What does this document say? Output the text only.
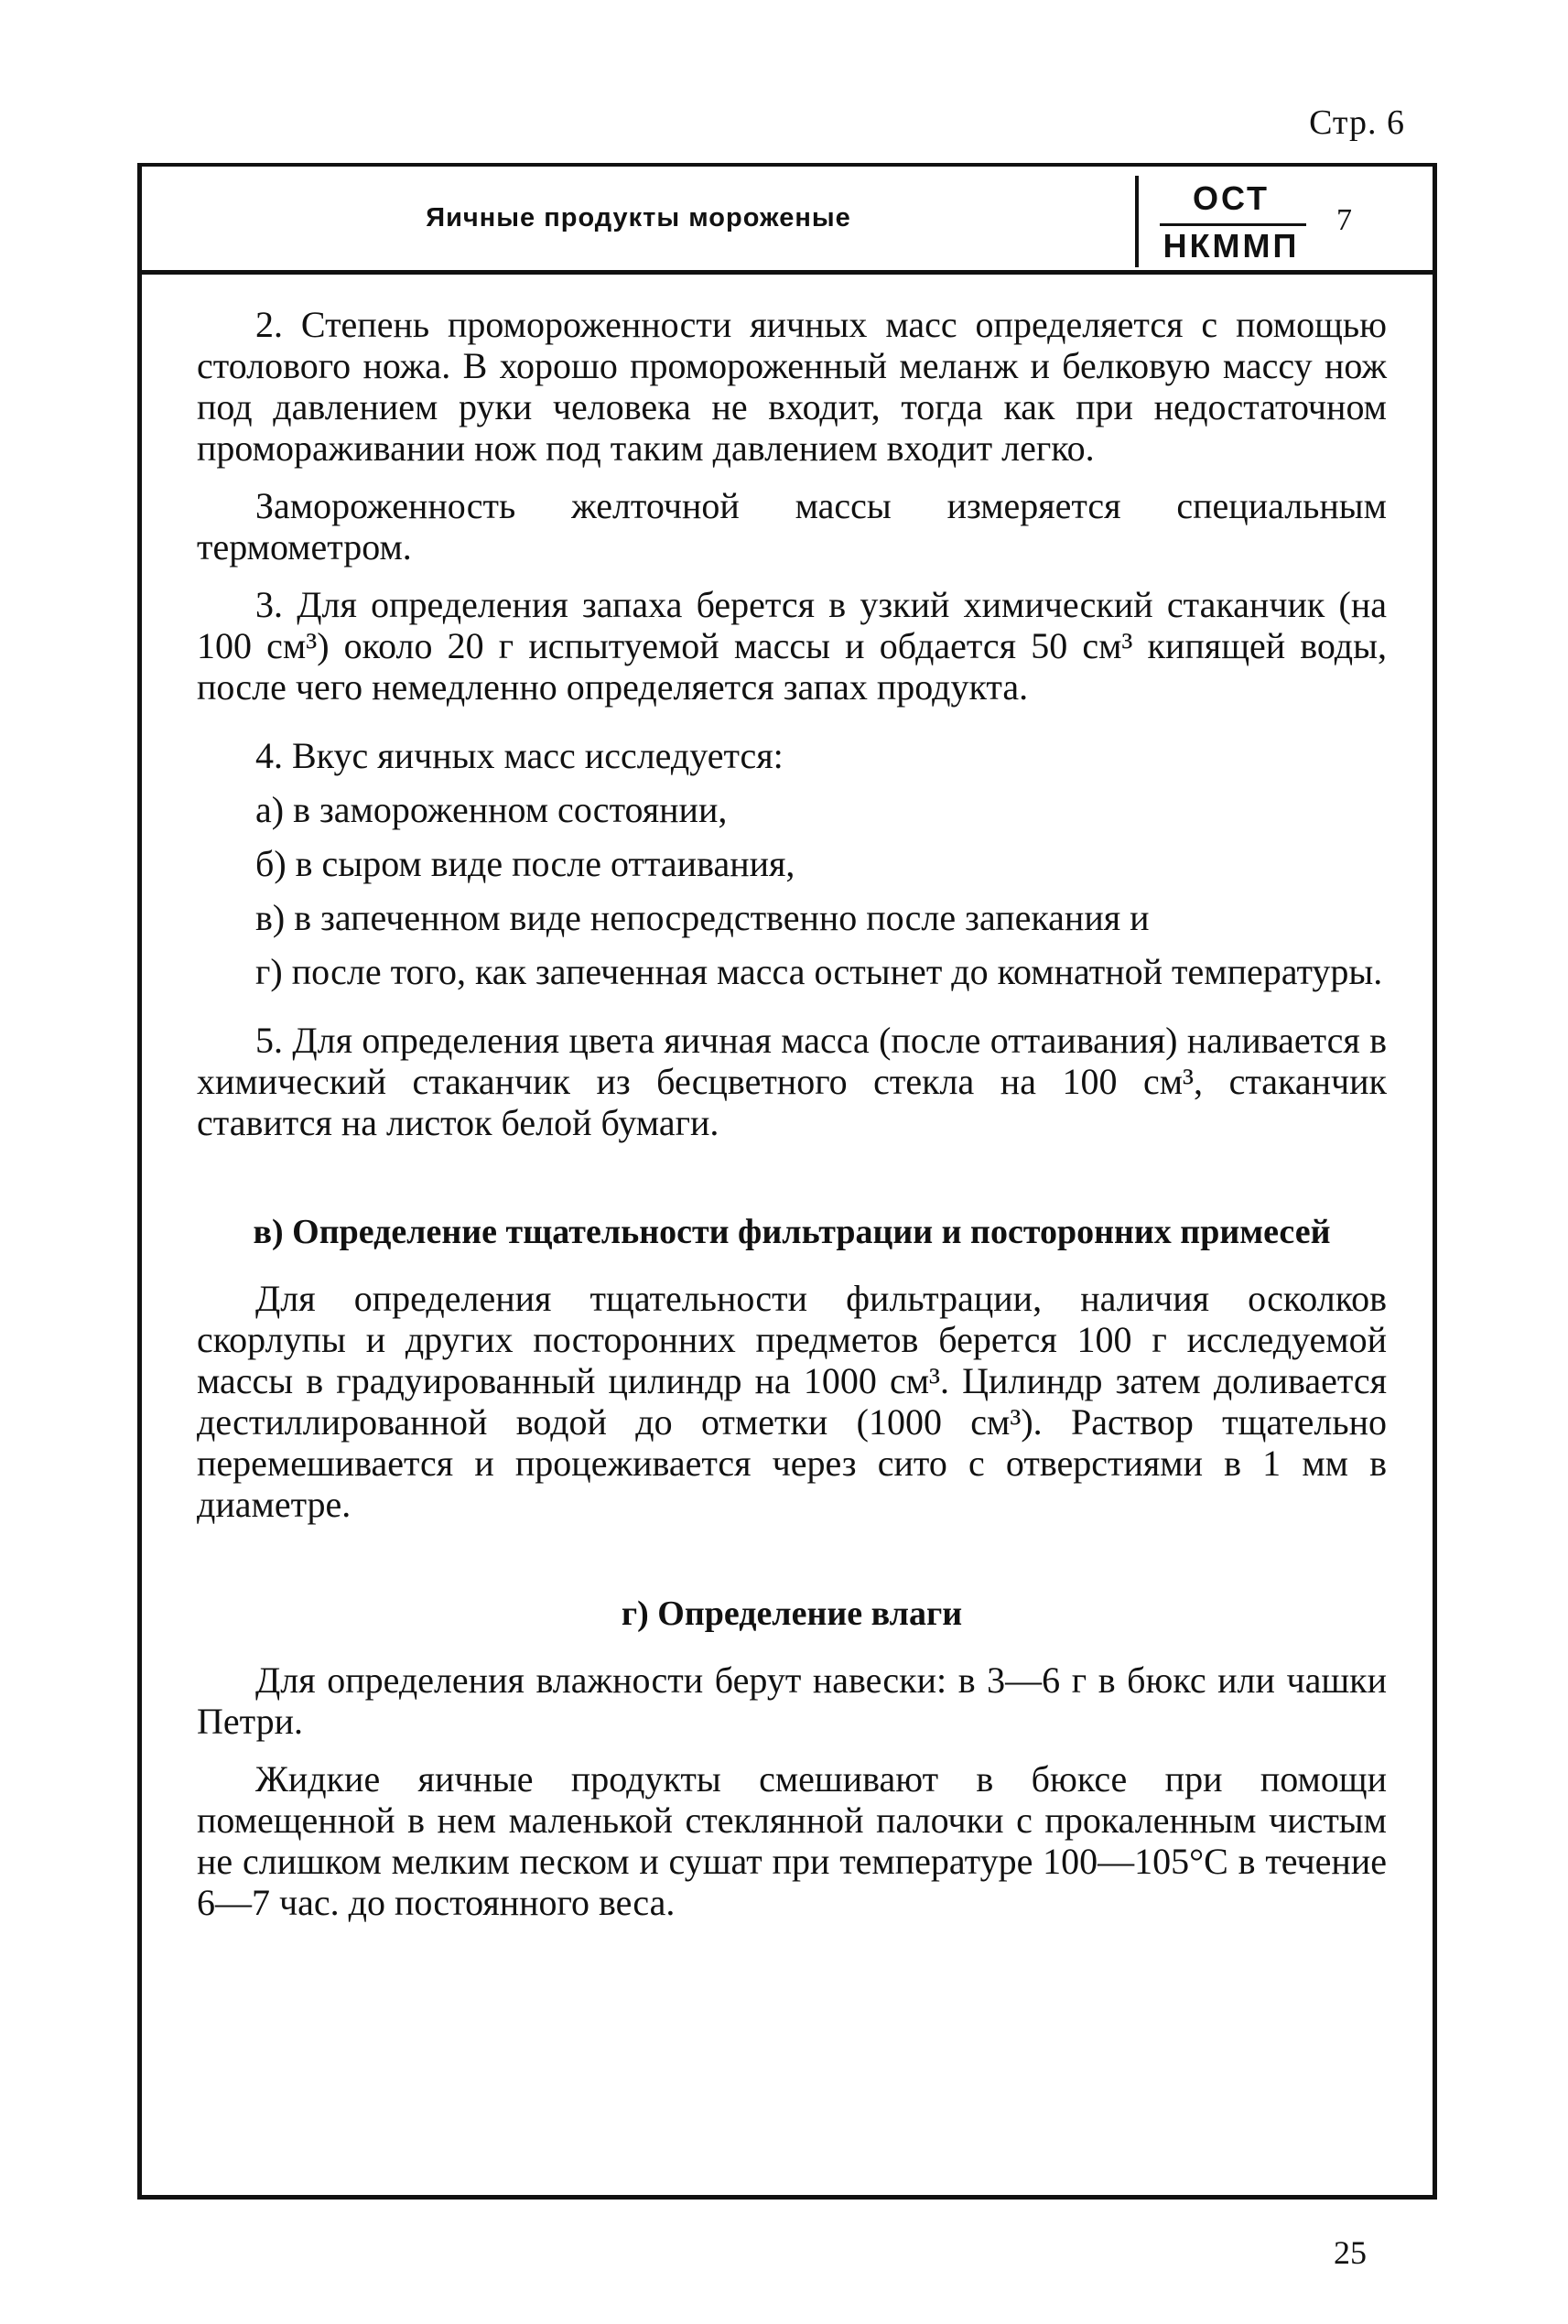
Стр. 6
Яичные продукты мороженые
ОСТ
НКММП
7

2. Степень промороженности яичных масс определяется с помощью столового ножа. В хорошо промороженный меланж и белковую массу нож под давлением руки человека не входит, тогда как при недостаточном промораживании нож под таким давлением входит легко.

Замороженность желточной массы измеряется специальным термометром.

3. Для определения запаха берется в узкий химический стаканчик (на 100 см³) около 20 г испытуемой массы и обдается 50 см³ кипящей воды, после чего немедленно определяется запах продукта.

4. Вкус яичных масс исследуется:

а) в замороженном состоянии,

б) в сыром виде после оттаивания,

в) в запеченном виде непосредственно после запекания и

г) после того, как запеченная масса остынет до комнатной температуры.

5. Для определения цвета яичная масса (после оттаивания) наливается в химический стаканчик из бесцветного стекла на 100 см³, стаканчик ставится на листок белой бумаги.

в) Определение тщательности фильтрации и посторонних примесей

Для определения тщательности фильтрации, наличия осколков скорлупы и других посторонних предметов берется 100 г исследуемой массы в градуированный цилиндр на 1000 см³. Цилиндр затем доливается дестиллированной водой до отметки (1000 см³). Раствор тщательно перемешивается и процеживается через сито с отверстиями в 1 мм в диаметре.

г) Определение влаги

Для определения влажности берут навески: в 3—6 г в бюкс или чашки Петри.

Жидкие яичные продукты смешивают в бюксе при помощи помещенной в нем маленькой стеклянной палочки с прокаленным чистым не слишком мелким песком и сушат при температуре 100—105°С в течение 6—7 час. до постоянного веса.

25
